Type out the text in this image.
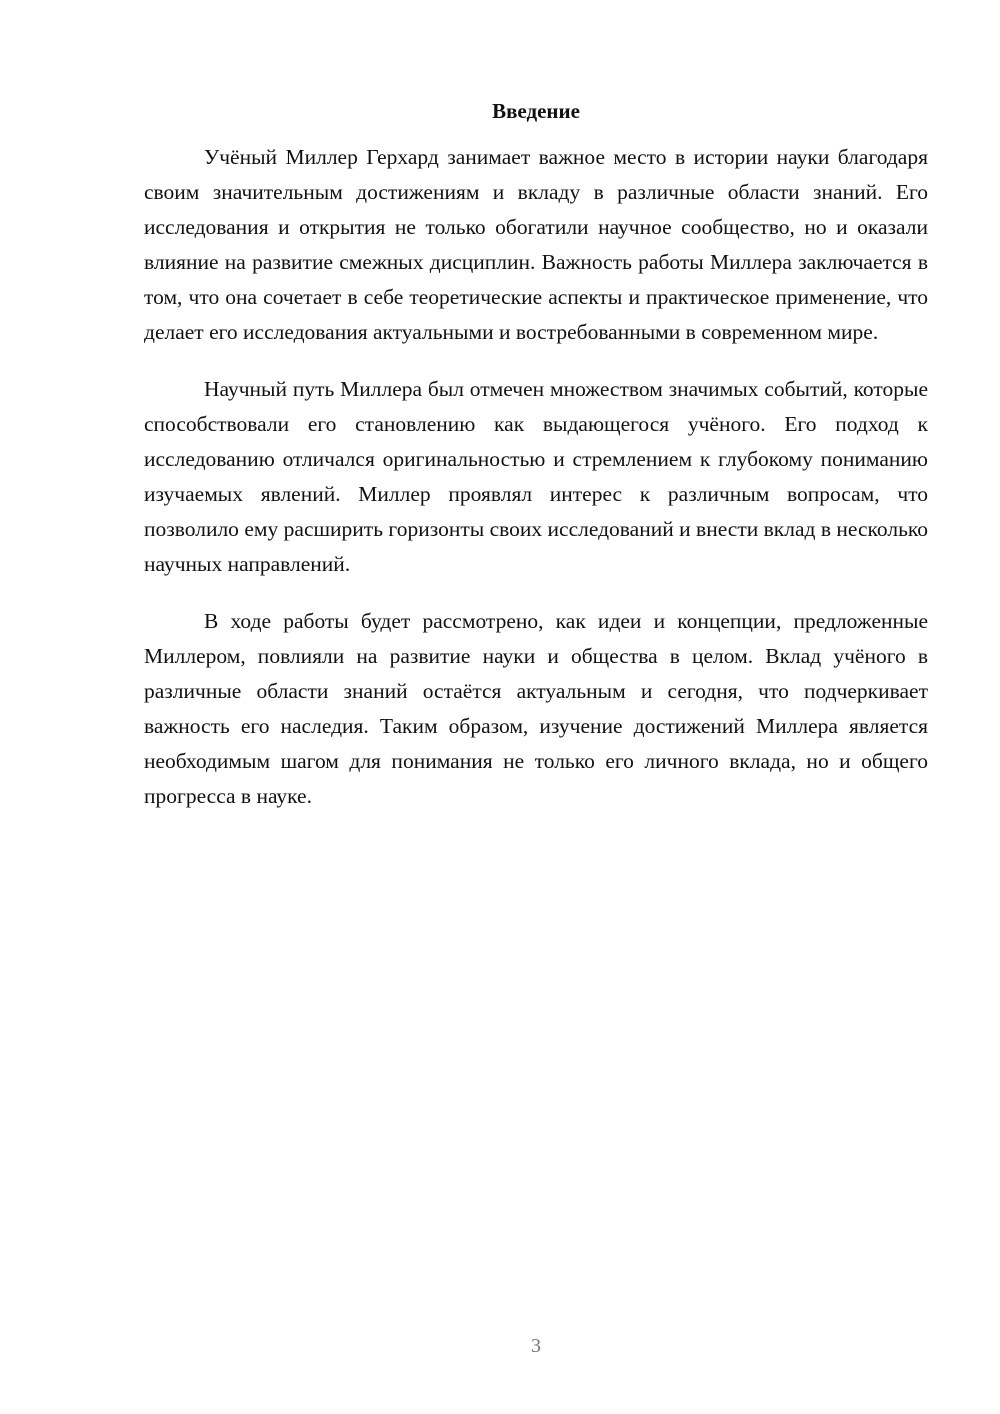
Введение

Учёный Миллер Герхард занимает важное место в истории науки благодаря своим значительным достижениям и вкладу в различные области знаний. Его исследования и открытия не только обогатили научное сообщество, но и оказали влияние на развитие смежных дисциплин. Важность работы Миллера заключается в том, что она сочетает в себе теоретические аспекты и практическое применение, что делает его исследования актуальными и востребованными в современном мире.

Научный путь Миллера был отмечен множеством значимых событий, которые способствовали его становлению как выдающегося учёного. Его подход к исследованию отличался оригинальностью и стремлением к глубокому пониманию изучаемых явлений. Миллер проявлял интерес к различным вопросам, что позволило ему расширить горизонты своих исследований и внести вклад в несколько научных направлений.

В ходе работы будет рассмотрено, как идеи и концепции, предложенные Миллером, повлияли на развитие науки и общества в целом. Вклад учёного в различные области знаний остаётся актуальным и сегодня, что подчеркивает важность его наследия. Таким образом, изучение достижений Миллера является необходимым шагом для понимания не только его личного вклада, но и общего прогресса в науке.

3
